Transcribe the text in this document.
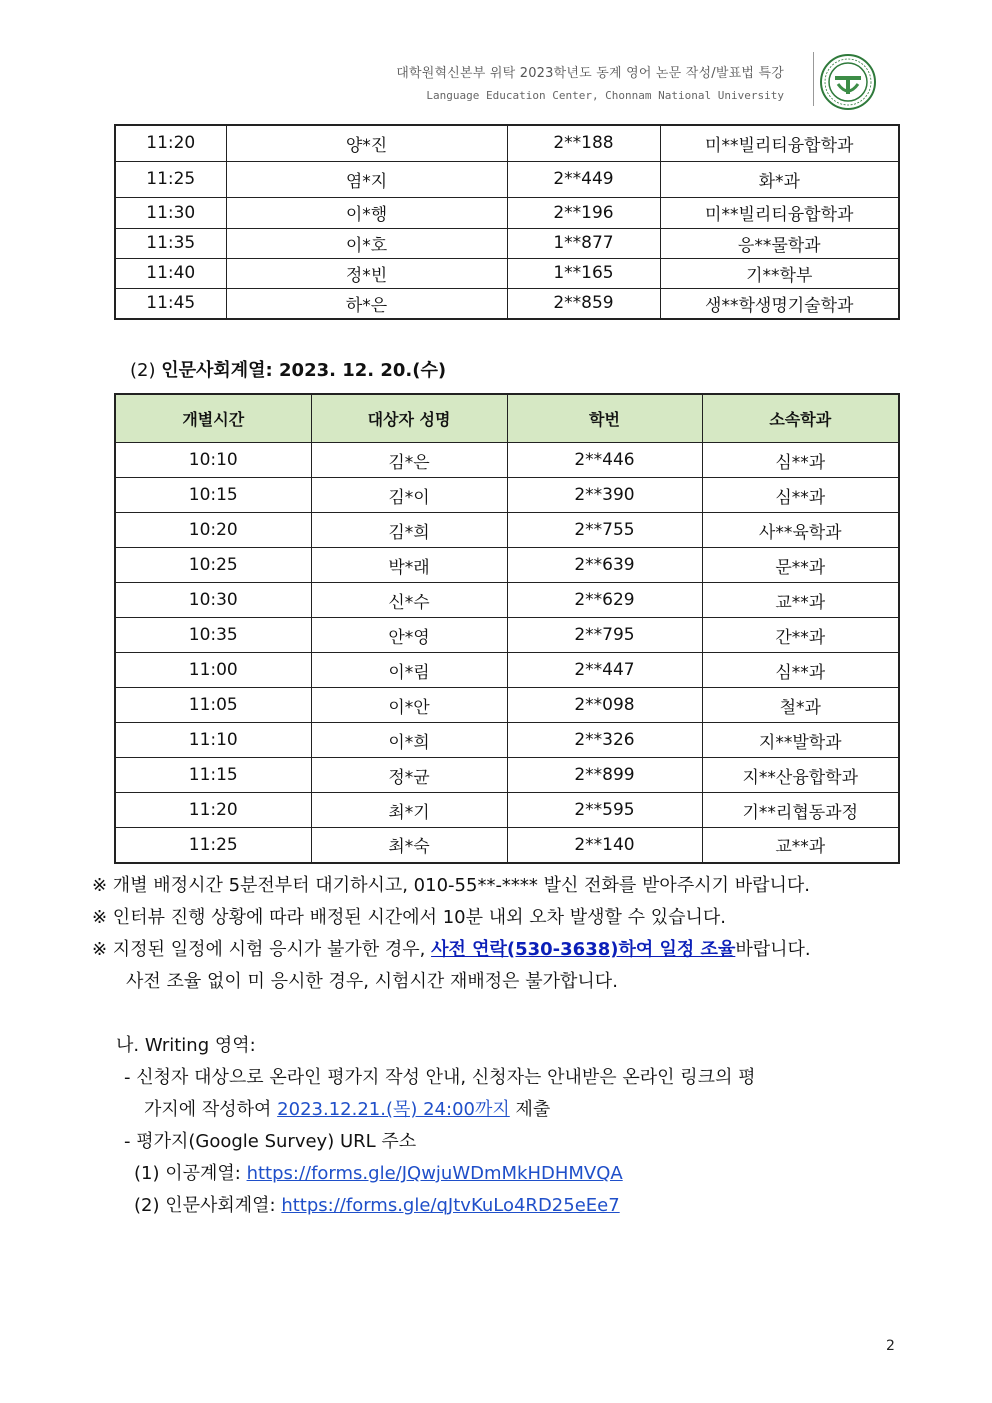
대학원혁신본부 위탁 2023학년도 동계 영어 논문 작성/발표법 특강
Language Education Center, Chonnam National University
11:20	양*진	2**188	미**빌리티융합학과
11:25	염*지	2**449	화*과
11:30	이*행	2**196	미**빌리티융합학과
11:35	이*호	1**877	응**물학과
11:40	정*빈	1**165	기**학부
11:45	하*은	2**859	생**학생명기술학과
(2) 인문사회계열: 2023. 12. 20.(수)
개별시간	대상자 성명	학번	소속학과
10:10	김*은	2**446	심**과
10:15	김*이	2**390	심**과
10:20	김*희	2**755	사**육학과
10:25	박*래	2**639	문**과
10:30	신*수	2**629	교**과
10:35	안*영	2**795	간**과
11:00	이*림	2**447	심**과
11:05	이*안	2**098	철*과
11:10	이*희	2**326	지**발학과
11:15	정*균	2**899	지**산융합학과
11:20	최*기	2**595	기**리협동과정
11:25	최*숙	2**140	교**과
※ 개별 배정시간 5분전부터 대기하시고, 010-55**-**** 발신 전화를 받아주시기 바랍니다.
※ 인터뷰 진행 상황에 따라 배정된 시간에서 10분 내외 오차 발생할 수 있습니다.
※ 지정된 일정에 시험 응시가 불가한 경우, 사전 연락(530-3638)하여 일정 조율바랍니다.
사전 조율 없이 미 응시한 경우, 시험시간 재배정은 불가합니다.
나. Writing 영역:
- 신청자 대상으로 온라인 평가지 작성 안내, 신청자는 안내받은 온라인 링크의 평
가지에 작성하여 2023.12.21.(목) 24:00까지 제출
- 평가지(Google Survey) URL 주소
(1) 이공계열: https://forms.gle/JQwjuWDmMkHDHMVQA
(2) 인문사회계열: https://forms.gle/qJtvKuLo4RD25eEe7
2
